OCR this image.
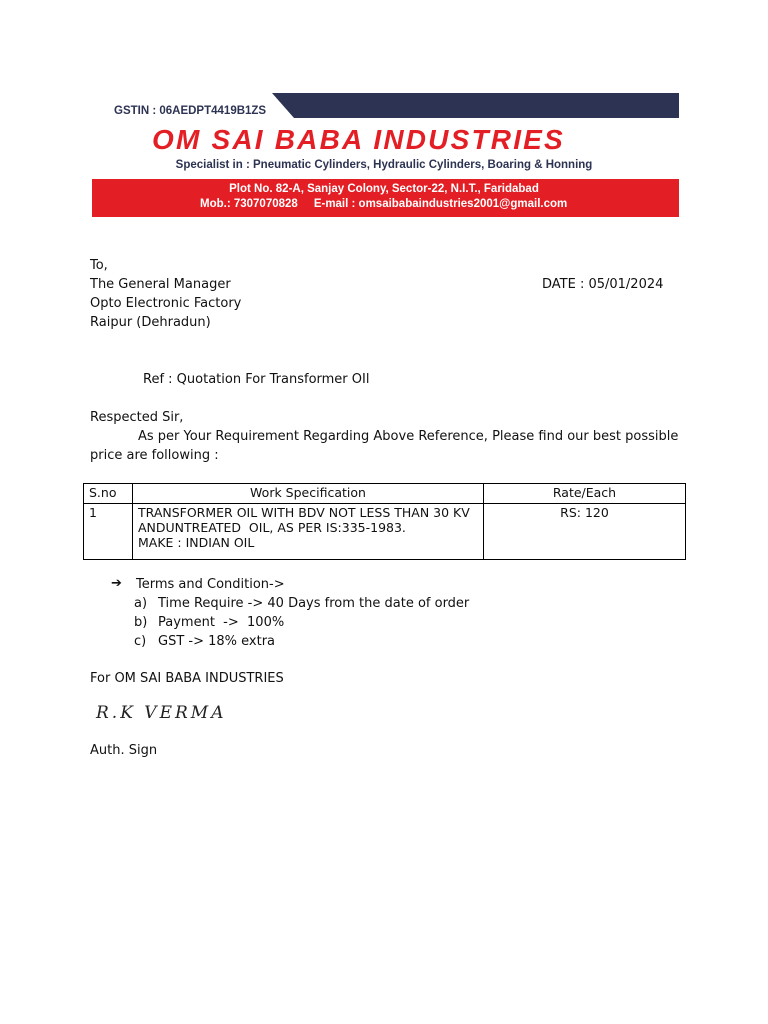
GSTIN : 06AEDPT4419B1ZS
OM SAI BABA INDUSTRIES
Specialist in : Pneumatic Cylinders, Hydraulic Cylinders, Boaring & Honning
Plot No. 82-A, Sanjay Colony, Sector-22, N.I.T., Faridabad
Mob.: 7307070828 E-mail : omsaibabaindustries2001@gmail.com
To,
The General Manager
Opto Electronic Factory
Raipur (Dehradun)
DATE : 05/01/2024
Ref : Quotation For Transformer OIl
Respected Sir,
As per Your Requirement Regarding Above Reference, Please find our best possible
price are following :
S.no	Work Specification	Rate/Each
1	TRANSFORMER OIL WITH BDV NOT LESS THAN 30 KV
ANDUNTREATED  OIL, AS PER IS:335-1983.
MAKE : INDIAN OIL	RS: 120
➔ Terms and Condition->
a) Time Require -> 40 Days from the date of order
b) Payment  ->  100%
c) GST -> 18% extra
For OM SAI BABA INDUSTRIES
R.K VERMA
Auth. Sign
